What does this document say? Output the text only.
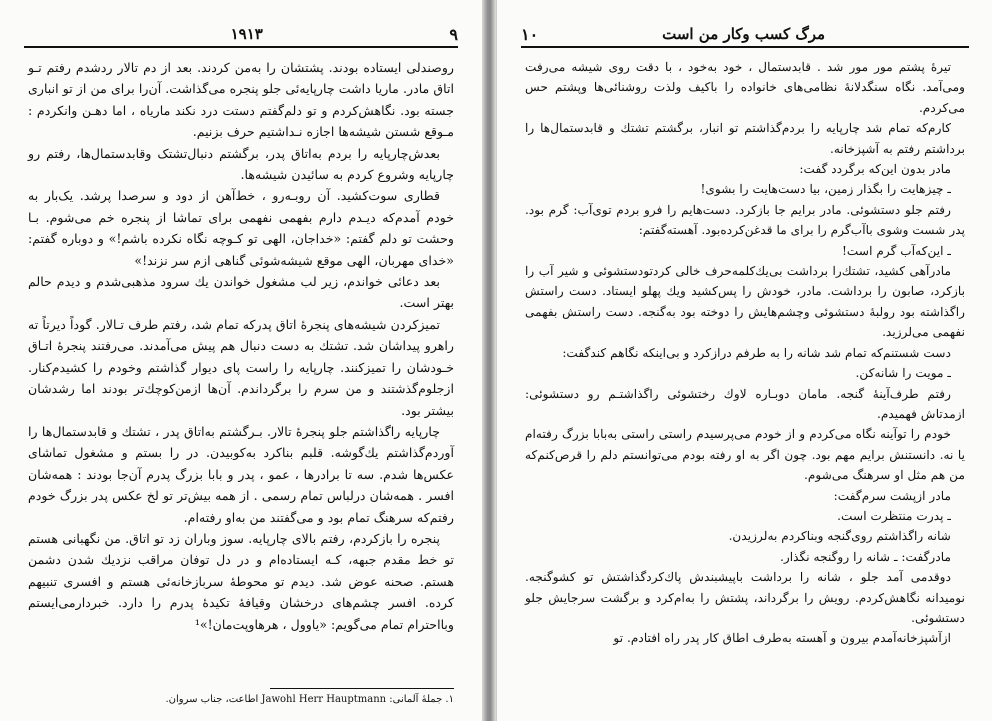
۹
۱۹۱۳

روصندلی ایستاده بودند. پشتشان را به‌من کردند. بعد از دم تالار ردشدم رفتم تـو اتاق مادر. ماریا داشت چارپایه‌ئی جلو پنجره می‌گذاشت. آن‌را برای من از تو انباری جسته بود. نگاهش‌کردم و تو دلم‌گفتم دستت درد نکند ماریاه ، اما دهـن وانکردم : مـوقع شستن شیشه‌ها اجازه نـداشتیم حرف بزنیم.

بعدش‌چارپایه را بردم به‌اتاق پدر، برگشتم دنبال‌تشتک وقابدستمال‌ها، رفتم رو چارپایه وشروع کردم به سائیدن شیشه‌ها.

قطاری سوت‌کشید. آن روبـه‌رو ، خط‌آهن از دود و سرصدا پرشد. یک‌بار به خودم آمدم‌که دیـدم دارم بفهمی نفهمی برای تماشا از پنجره خم می‌شوم. بـا وحشت تو دلم گفتم: «خداجان، الهی تو کـوچه نگاه نکرده باشم!» و دوباره گفتم: «خدای مهربان، الهی موقع شیشه‌شوئی گناهی ازم سر نزند!»

بعد دعائی خواندم، زیر لب مشغول خواندن یك سرود مذهبی‌شدم و دیدم حالم بهتر است.

تمیزکردن شیشه‌های پنجرهٔ اتاق پدرکه تمام شد، رفتم طرف تـالار. گوداً دیرتاً ته راهرو پیداشان شد. تشتك به دست دنبال هم پیش می‌آمدند. می‌رفتند پنجرهٔ اتـاق خـودشان را تمیزکنند. چارپایه را راست پای دیوار گذاشتم وخودم را کشیدم‌کنار. ازجلوم‌گذشتند و من سرم را برگرداندم. آن‌ها ازمن‌کوچك‌تر بودند اما رشدشان بیشتر بود.

چارپایه راگذاشتم جلو پنجرهٔ تالار. بـرگشتم به‌اتاق پدر ، تشتك و قابدستمال‌ها را آوردم‌گذاشتم یك‌گوشه. قلبم بناکرد به‌کوبیدن. در را بستم و مشغول تماشای عکس‌ها شدم. سه تا برادرها ، عمو ، پدر و بابا بزرگ پدرم آن‌جا بودند : همه‌شان افسر . همه‌شان درلباس تمام رسمی . از همه بیش‌تر تو لخ عکس پدر بزرگ خودم رفتم‌که سرهنگ تمام بود و می‌گفتند من به‌او رفته‌ام.

پنجره را بازکردم، رفتم بالای چارپایه. سوز وباران زد تو اتاق. من نگهبانی هستم تو خط مقدم جبهه، کـه ایستاده‌ام و در دل توفان مراقب نزدیك شدن دشمن هستم. صحنه عوض شد. دیدم تو محوطهٔ سربازخانه‌ئی هستم و افسری تنبیهم کرده. افسر چشم‌های درخشان وقیافهٔ تکیده‌ٔ پدرم را دارد. خبردارمی‌ایستم وبااحترام تمام می‌گویم: «یاوول ، هرهاوپت‌مان!»¹

۱. جملهٔ آلمانی: Jawohl Herr Hauptmann اطاعت، جناب سروان.
مرگ کسب وکار من است
۱۰

تیرهٔ پشتم مور مور شد . قابدستمال ، خود به‌خود ، با دقت روی شیشه می‌رفت ومی‌آمد. نگاه سنگدلانهٔ نظامی‌های خانواده را باکیف ولذت روشنائی‌ها وپشتم حس می‌کردم.

کارم‌که تمام شد چارپایه را بردم‌گذاشتم تو انبار، برگشتم تشتك و قابدستمال‌ها را برداشتم رفتم به آشپزخانه.

مادر بدون این‌که برگردد گفت:

ـ چیزهایت را بگذار زمین، بیا دست‌هایت را بشوی!

رفتم جلو دستشوئی. مادر برایم جا بازکرد. دست‌هایم را فرو بردم توی‌آب: گرم بود. پدر شست وشوی باآب‌گرم را برای ما قدغن‌کرده‌بود. آهسته‌گفتم:

ـ این‌که‌آب گرم است!

مادرآهی کشید، تشتك‌را برداشت بی‌یك‌کلمه‌حرف خالی کردتودستشوئی و شیر آب را بازکرد، صابون را برداشت. مادر، خودش را پس‌کشید ویك پهلو ایستاد. دست راستش راگذاشته بود رولبهٔ دستشوئی وچشم‌هایش را دوخته بود به‌گنجه. دست راستش بفهمی نفهمی می‌لرزید.

دست شستنم‌که تمام شد شانه را به طرفم درازکرد و بی‌اینکه نگاهم کندگفت:

ـ مویت را شانه‌کن.

رفتم طرف‌آینهٔ گنجه. مامان دوبـاره لاوك رختشوئی راگذاشتـم رو دستشوئی: ازمدتاش فهمیدم.

خودم را توآینه نگاه می‌کردم و از خودم می‌پرسیدم راستی راستی به‌بابا بزرگ رفته‌ام یا نه. دانستنش برایم مهم بود. چون اگر به او رفته بودم می‌توانستم دلم را قرص‌کنم‌که من هم مثل او سرهنگ می‌شوم.

مادر ازپشت سرم‌گفت:

ـ پدرت منتظرت است.

شانه راگذاشتم روی‌گنجه وبناکردم به‌لرزیدن.

مادرگفت: ـ شانه را روگنجه نگذار.

دوقدمی آمد جلو ، شانه را برداشت باپیشبندش پاك‌کردگذاشتش تو کشوگنجه. نومیدانه نگاهش‌کردم. رویش را برگرداند، پشتش را به‌ام‌کرد و برگشت سرجایش جلو دستشوئی.

ازآشپزخانه‌آمدم بیرون و آهسته به‌طرف اطاق‌ کار پدر راه افتادم. تو
